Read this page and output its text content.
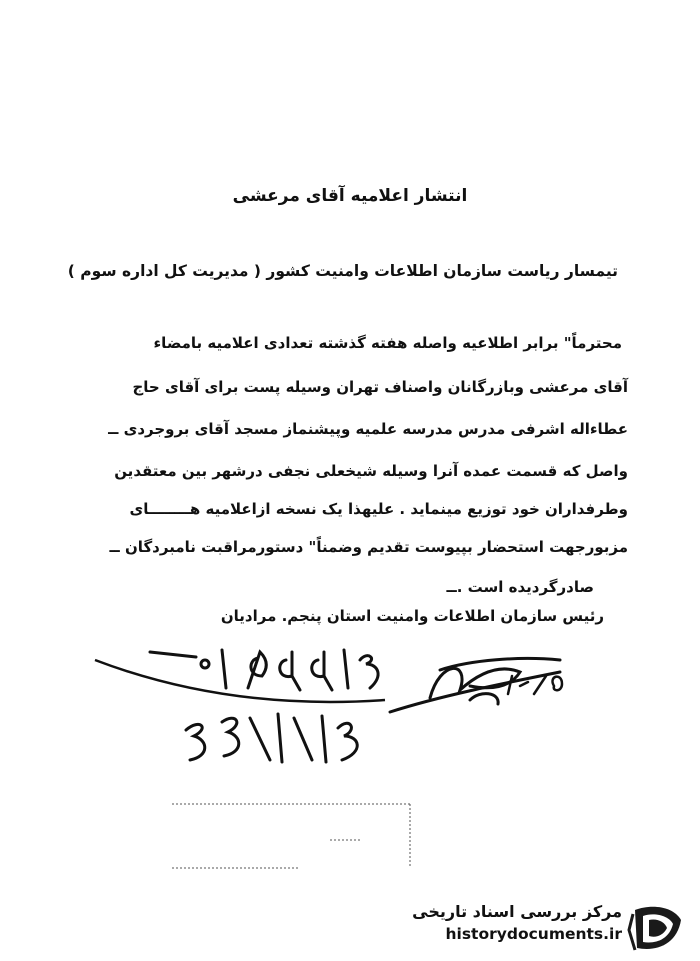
انتشار اعلامیه آقای مرعشی
تیمسار ریاست سازمان اطلاعات وامنیت کشور ( مدیریت کل اداره سوم )
محترماً" برابر اطلاعیه واصله هفته گذشته تعدادی اعلامیه بامضاء
آقای مرعشی وبازرگانان واصناف تهران وسیله پست برای آقای حاج
عطاءاله اشرفی مدرس مدرسه علمیه وپیشنماز مسجد آقای بروجردی ــ
واصل که قسمت عمده آنرا وسیله شیخعلی نجفی درشهر بین معتقدین
وطرفداران خود توزیع مینماید . علیهذا یک نسخه ازاعلامیه هــــــــای
مزبورجهت استحضار بپیوست تقدیم وضمناً" دستورمراقبت نامبردگان ــ
صادرگردیده است .ــ
رئیس سازمان اطلاعات وامنیت استان پنجم. مرادیان
مرکز بررسی اسناد تاریخی
historydocuments.ir
